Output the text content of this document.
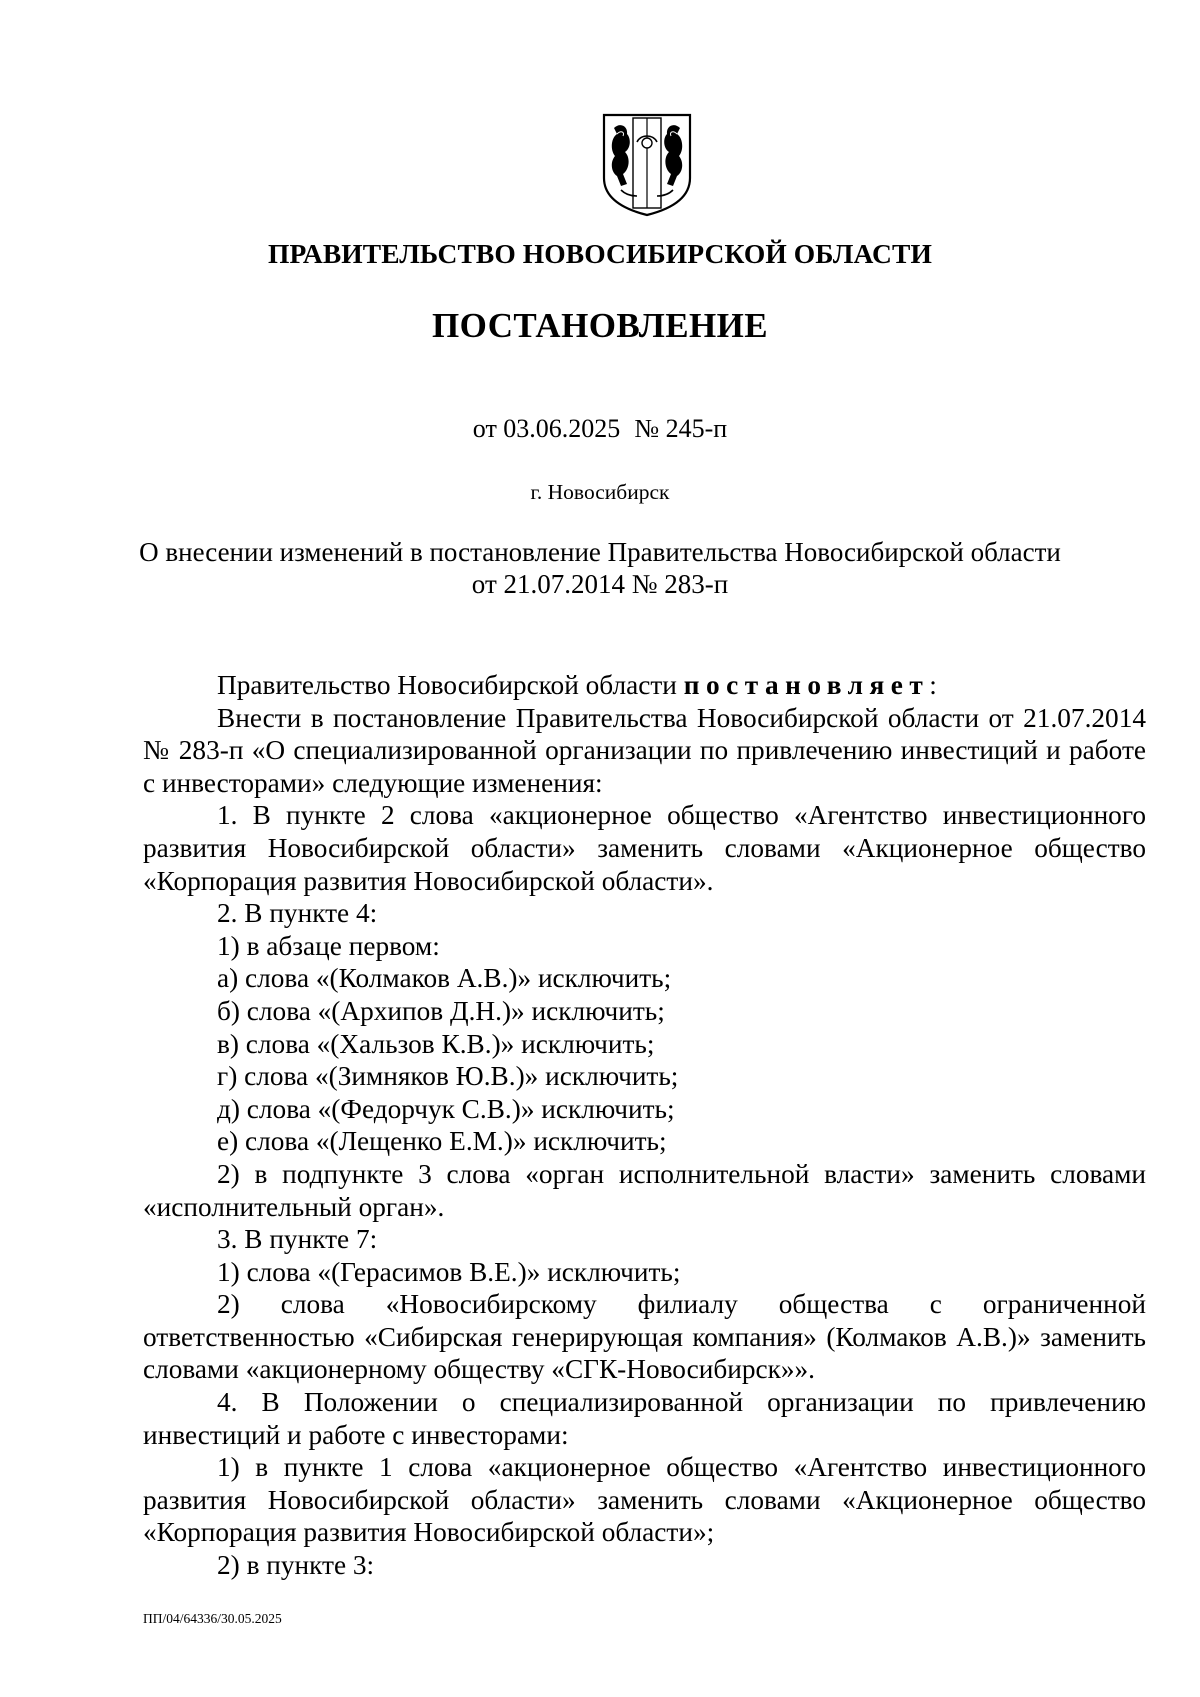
ПРАВИТЕЛЬСТВО НОВОСИБИРСКОЙ ОБЛАСТИ
ПОСТАНОВЛЕНИЕ
от 03.06.2025 № 245-п
г. Новосибирск
О внесении изменений в постановление Правительства Новосибирской области
от 21.07.2014 № 283-п

Правительство Новосибирской области постановляет:

Внести в постановление Правительства Новосибирской области от 21.07.2014 № 283-п «О специализированной организации по привлечению инвестиций и работе с инвесторами» следующие изменения:

1. В пункте 2 слова «акционерное общество «Агентство инвестиционного развития Новосибирской области» заменить словами «Акционерное общество «Корпорация развития Новосибирской области».

2. В пункте 4:

1) в абзаце первом:

а) слова «(Колмаков А.В.)» исключить;

б) слова «(Архипов Д.Н.)» исключить;

в) слова «(Хальзов К.В.)» исключить;

г) слова «(Зимняков Ю.В.)» исключить;

д) слова «(Федорчук С.В.)» исключить;

е) слова «(Лещенко Е.М.)» исключить;

2) в подпункте 3 слова «орган исполнительной власти» заменить словами «исполнительный орган».

3. В пункте 7:

1) слова «(Герасимов В.Е.)» исключить;

2) слова «Новосибирскому филиалу общества с ограниченной ответственностью «Сибирская генерирующая компания» (Колмаков А.В.)» заменить словами «акционерному обществу «СГК-Новосибирск»».

4. В Положении о специализированной организации по привлечению инвестиций и работе с инвесторами:

1) в пункте 1 слова «акционерное общество «Агентство инвестиционного развития Новосибирской области» заменить словами «Акционерное общество «Корпорация развития Новосибирской области»;

2) в пункте 3:

ПП/04/64336/30.05.2025
